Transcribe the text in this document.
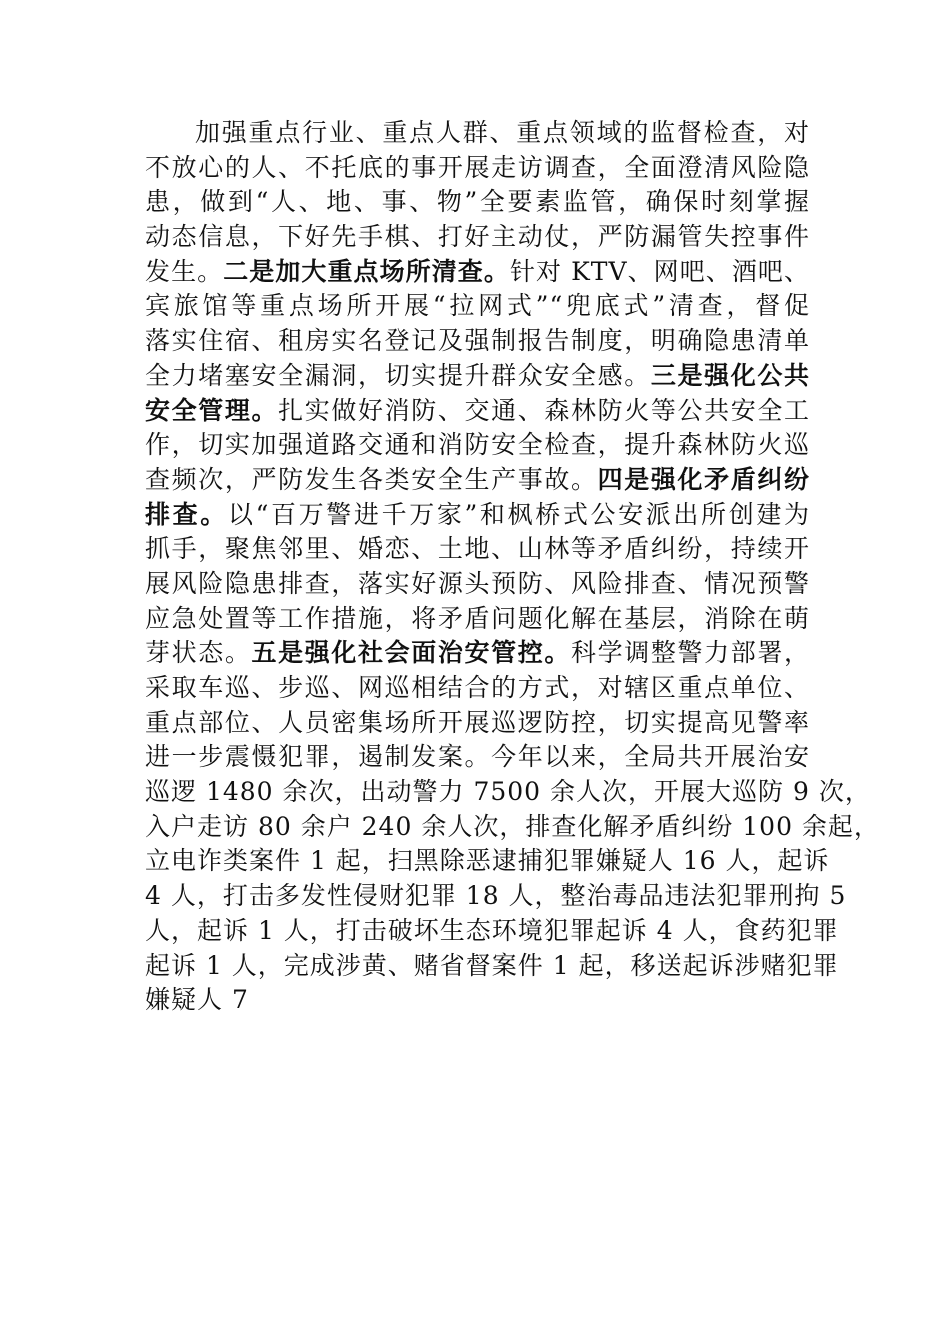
加强重点行业、重点人群、重点领域的监督检查，对
不放心的人、不托底的事开展走访调查，全面澄清风险隐
患，做到“人、地、事、物”全要素监管，确保时刻掌握
动态信息，下好先手棋、打好主动仗，严防漏管失控事件
发生。二是加大重点场所清查。针对 KTV、网吧、酒吧、
宾旅馆等重点场所开展“拉网式”“兜底式”清查，督促
落实住宿、租房实名登记及强制报告制度，明确隐患清单
全力堵塞安全漏洞，切实提升群众安全感。三是强化公共
安全管理。扎实做好消防、交通、森林防火等公共安全工
作，切实加强道路交通和消防安全检查，提升森林防火巡
查频次，严防发生各类安全生产事故。四是强化矛盾纠纷
排查。以“百万警进千万家”和枫桥式公安派出所创建为
抓手，聚焦邻里、婚恋、土地、山林等矛盾纠纷，持续开
展风险隐患排查，落实好源头预防、风险排查、情况预警
应急处置等工作措施，将矛盾问题化解在基层，消除在萌
芽状态。五是强化社会面治安管控。科学调整警力部署，
采取车巡、步巡、网巡相结合的方式，对辖区重点单位、
重点部位、人员密集场所开展巡逻防控，切实提高见警率
进一步震慑犯罪，遏制发案。今年以来，全局共开展治安
巡逻 1480 余次，出动警力 7500 余人次，开展大巡防 9 次，
入户走访 80 余户 240 余人次，排查化解矛盾纠纷 100 余起，
立电诈类案件 1 起，扫黑除恶逮捕犯罪嫌疑人 16 人，起诉
4 人，打击多发性侵财犯罪 18 人，整治毒品违法犯罪刑拘 5
人，起诉 1 人，打击破坏生态环境犯罪起诉 4 人，食药犯罪
起诉 1 人，完成涉黄、赌省督案件 1 起，移送起诉涉赌犯罪
嫌疑人 7
